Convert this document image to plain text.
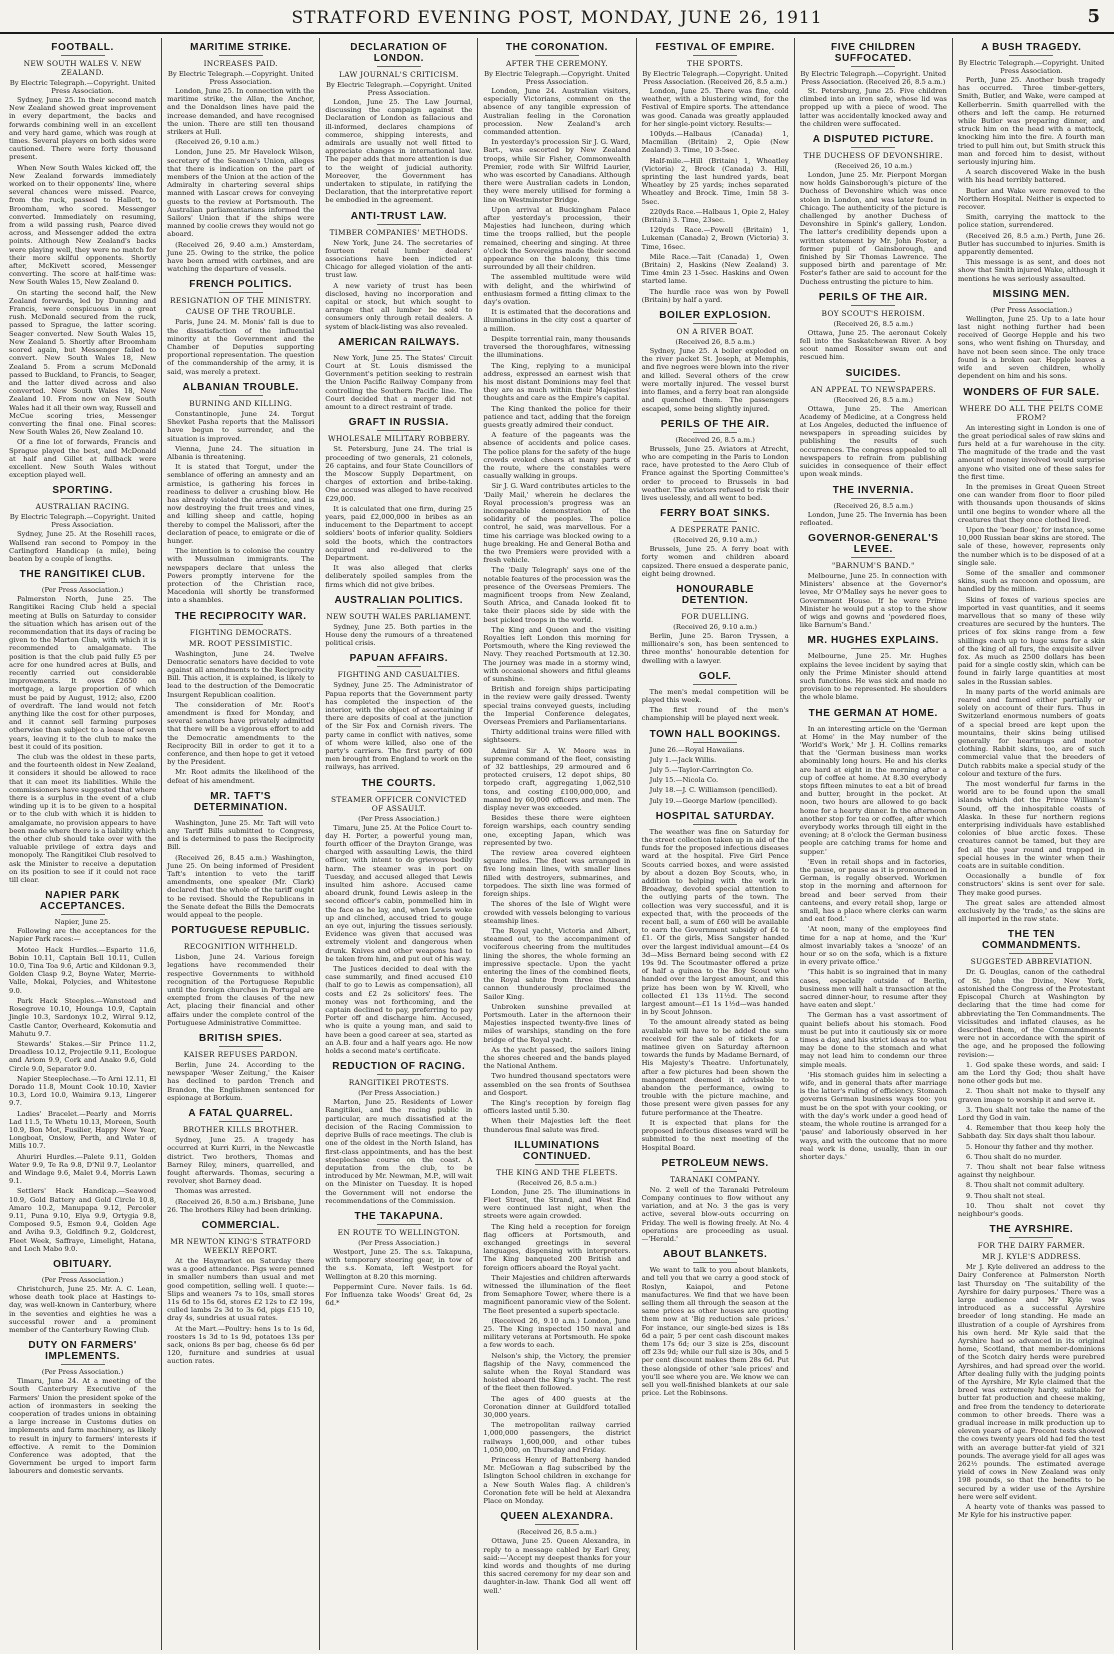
STRATFORD EVENING POST, MONDAY, JUNE 26, 1911	5
FOOTBALL.
NEW SOUTH WALES V. NEW ZEALAND.
By Electric Telegraph.—Copyright. United Press Association.

Sydney, June 25. In their second match New Zealand showed great improvement in every department, the backs and forwards combining well in an excellent and very hard game, which was rough at times. Several players on both sides were cautioned. There were forty thousand present.

When New South Wales kicked off, the New Zealand forwards immediately worked on to their opponents' line, where several chances were missed. Pearce, from the ruck, passed to Hallett, to Broomham, who scored. Messenger converted. Immediately on resuming, from a wild passing rush, Pearce dived across, and Messenger added the extra points. Although New Zealand's backs were playing well, they were no match for their more skilful opponents. Shortly after, McKivett scored, Messenger converting. The score at half-time was: New South Wales 15, New Zealand 0.

On starting the second half, the New Zealand forwards, led by Dunning and Francis, were conspicuous in a great rush. McDonald secured from the ruck, passed to Sprague, the latter scoring. Seager converted. New South Wales 15, New Zealand 5. Shortly after Broomham scored again, but Messenger failed to convert. New South Wales 18, New Zealand 5. From a scrum McDonald passed to Buckland, to Francis, to Seager, and the latter dived across and also converted. New South Wales 18, New Zealand 10. From now on New South Wales had it all their own way, Russell and McCue scoring tries, Messenger converting the final one. Final scores: New South Wales 26, New Zealand 10.

Of a fine lot of forwards, Francis and Sprague played the best, and McDonald at half and Gillet at fullback were excellent. New South Wales without exception played well.

SPORTING.
AUSTRALIAN RACING.
By Electric Telegraph.—Copyright. United Press Association.

Sydney, June 25. At the Rosehill races, Wallsend ran second to Pompoy in the Carlingford Handicap (a mile), being beaten by a couple of lengths.

THE RANGITIKEI CLUB.
(Per Press Association.)

Palmerston North, June 25. The Rangitikei Racing Club held a special meeting at Bulls on Saturday to consider the situation which has arisen out of the recommendation that its days of racing be given to the Marton Club, with which it is recommended to amalgamate. The position is that the club paid fully £5 per acre for one hundred acres at Bulls, and recently carried out considerable improvements. It owes £2650 on mortgage, a large proportion of which must be paid by August, 1912; also, £200 of overdraft. The land would not fetch anything like the cost for other purposes, and it cannot sell farming purposes otherwise than subject to a lease of seven years, leaving it to the club to make the best it could of its position.

The club was the oldest in these parts, and the fourteenth oldest in New Zealand, it considers it should be allowed to race that it can meet its liabilities. While the commissioners have suggested that where there is a surplus in the event of a club winding up it is to be given to a hospital or to the club with which it is hidden to amalgamate, no provision appears to have been made where there is a liability which the other club should take over with the valuable privilege of extra days and monopoly. The Rangitikei Club resolved to ask the Minister to receive a deputation on its position to see if it could not race till clear.

NAPIER PARK ACCEPTANCES.
Napier, June 25.

Following are the acceptances for the Napier Park races:—

Moteo Hack Hurdles.—Esparto 11.6, Bobin 10.11, Captain Bell 10.11, Cullen 10.0, Tina Toa 9.6, Artic and Kildonan 9.3, Golden Clasp 9.2, Boyne Water, Merrie-Valle, Mokai, Polycies, and Whitestone 9.0.

Park Hack Steeples.—Wanstead and Rosegrove 10.10, Hounga 10.9, Captain Jingle 10.3, Sardonyx 10.2, Wirral 9.12, Castle Cantor, Overheard, Kokomutia and Mahutu 9.7.

Stewards' Stakes.—Sir Prince 11.2, Dreadless 10.12, Projectile 9.11, Ecologue and Ariom 9.9, Cork and Anako 9.6, Gold Circle 9.0, Separator 9.0.

Napier Steeplechase.—To Arni 12.11, El Dorado 11.8, Mount Cook 10.10, Xavier 10.3, Lord 10.0, Waimira 9.13, Lingerer 9.7.

Ladies' Bracelet.—Pearly and Morris Lad 11.5, Te Whetu 10.13, Moreen, South 10.9, Bon Mot, Fusilier, Happy New Year, Longboat, Onslow, Perth, and Water of Mills 10.7.

Ahuriri Hurdles.—Palete 9.11, Golden Water 9.9, Te Ra 9.8, D'Nil 9.7, Leolantor and Windage 9.6, Malet 9.4, Morris Lawn 9.1.

Settlers' Hack Handicap.—Seawood 10.9, Gold Battery and Gold Circle 10.8, Amaro 10.2, Manupapa 9.12, Percoler 9.11, Puna 9.10, Elya 9.9, Ortygia 9.8, Composed 9.5, Esmon 9.4, Golden Age and Aviha 9.3, Goldfinch 9.2, Goldcrest, Fleet Week, Saffraye, Limelight, Hatana, and Loch Mabo 9.0.

OBITUARY.
(Per Press Association.)

Christchurch, June 25. Mr. A. C. Lean, whose death took place at Hastings to-day, was well-known in Canterbury, where in the seventies and eighties he was a successful rower and a prominent member of the Canterbury Rowing Club.

DUTY ON FARMERS' IMPLEMENTS.
(Per Press Association.)

Timaru, June 24. At a meeting of the South Canterbury Executive of the Farmers' Union the president spoke of the action of ironmasters in seeking the cooperation of trades unions in obtaining a large increase in Customs duties on implements and farm machinery, as likely to result in injury to farmers' interests if effective. A remit to the Dominion Conference was adopted, that the Government be urged to import farm labourers and domestic servants.

MARITIME STRIKE.
INCREASES PAID.
By Electric Telegraph.—Copyright. United Press Association.

London, June 25. In connection with the maritime strike, the Allan, the Anchor, and the Donaldson lines have paid the increase demanded, and have recognised the union. There are still ten thousand strikers at Hull.

(Received 26, 9.10 a.m.)

London, June 25. Mr Havelock Wilson, secretary of the Seamen's Union, alleges that there is indication on the part of members of the Union at the action of the Admiralty in chartering several ships manned with Lascar crews for conveying guests to the review at Portsmouth. The Australian parliamentarians informed the Sailors' Union that if the ships were manned by coolie crews they would not go aboard.

(Received 26, 9.40 a.m.) Amsterdam, June 25. Owing to the strike, the police have been armed with carbines, and are watching the departure of vessels.

FRENCH POLITICS.
RESIGNATION OF THE MINISTRY.
CAUSE OF THE TROUBLE.

Paris, June 24. M. Monis' fall is due to the dissatisfaction of the influential minority at the Government and the Chamber of Deputies supporting proportional representation. The question of the commandership of the army, it is said, was merely a pretext.

ALBANIAN TROUBLE.
BURNING AND KILLING.

Constantinople, June 24. Torgut Shevket Pasha reports that the Malissori have begun to surrender, and the situation is improved.

Vienna, June 24. The situation in Albania is threatening.

It is stated that Torgut, under the semblance of offering an amnesty and an armistice, is gathering his forces in readiness to deliver a crushing blow. He has already violated the armistice, and is now destroying the fruit trees and vines, and killing sheep and cattle, hoping thereby to compel the Malissori, after the declaration of peace, to emigrate or die of hunger.

The intention is to colonise the country with Mussulman immigrants. The newspapers declare that unless the Powers promptly intervene for the protection of the Christian race, Macedonia will shortly be transformed into a shambles.

THE RECIPROCITY WAR.
FIGHTING DEMOCRATS.
MR. ROOT PESSIMISTIC.

Washington, June 24. Twelve Democratic senators have decided to vote against all amendments to the Reciprocity Bill. This action, it is explained, is likely to lead to the destruction of the Democratic Insurgent Republican coalition.

The consideration of Mr. Root's amendment is fixed for Monday, and several senators have privately admitted that there will be a vigorous effort to add the Democratic amendments to the Reciprocity Bill in order to get it to a conference, and then hope to get it vetoed by the President.

Mr. Root admits the likelihood of the defeat of his amendment.

MR. TAFT'S DETERMINATION.

Washington, June 25. Mr. Taft will veto any Tariff Bills submitted to Congress, and is determined to pass the Reciprocity Bill.

(Received 26, 8.45 a.m.) Washington, June 25. On being informed of President Taft's intention to veto the tariff amendments, one speaker (Mr. Clark) declared that the whole of the tariff ought to be revised. Should the Republicans in the Senate defeat the Bills the Democrats would appeal to the people.

PORTUGUESE REPUBLIC.
RECOGNITION WITHHELD.

Lisbon, June 24. Various foreign legations have recommended their respective Governments to withhold recognition of the Portuguese Republic until the foreign churches in Portugal are exempted from the clauses of the new Act, placing their financial and other affairs under the complete control of the Portuguese Administrative Committee.

BRITISH SPIES.
KAISER REFUSES PARDON.

Berlin, June 24. According to the newspaper 'Weser Zeitung,' the Kaiser has declined to pardon Trench and Brandon, the Englishmen sentenced for espionage at Borkum.

A FATAL QUARREL.
BROTHER KILLS BROTHER.

Sydney, June 25. A tragedy has occurred at Kurri Kurri, in the Newcastle district. Two brothers, Thomas and Barney Riley, miners, quarrelled, and fought afterwards. Thomas, securing a revolver, shot Barney dead.

Thomas was arrested.

(Received 26, 8.50 a.m.) Brisbane, June 26. The brothers Riley had been drinking.

COMMERCIAL.
MR NEWTON KING'S STRATFORD WEEKLY REPORT.

At the Haymarket on Saturday there was a good attendance. Pigs were penned in smaller numbers than usual and met good competition, selling well. I quote:—Slips and weaners 7s to 10s, small stores 11s 6d to 15s 6d, stores £2 12s to £2 19s, culled lambs 2s 3d to 3s 6d, pigs £15 10, dray 4s, sundries at usual rates.

At the Mart.—Poultry: hens 1s to 1s 6d, roosters 1s 3d to 1s 9d, potatoes 13s per sack, onions 8s per bag, cheese 6s 6d per 120, furniture and sundries at usual auction rates.

DECLARATION OF LONDON.
LAW JOURNAL'S CRITICISM.
By Electric Telegraph.—Copyright. United Press Association.

London, June 25. The Law Journal, discussing the campaign against the Declaration of London as fallacious and ill-informed, declares champions of commerce, shipping interests, and admirals are usually not well fitted to appreciate changes in international law. The paper adds that more attention is due to the weight of judicial authority. Moreover, the Government has undertaken to stipulate, in ratifying the Declaration, that the interpretative report be embodied in the agreement.

ANTI-TRUST LAW.
TIMBER COMPANIES' METHODS.

New York, June 24. The secretaries of fourteen retail lumber dealers' associations have been indicted at Chicago for alleged violation of the anti-trust law.

A new variety of trust has been disclosed, having no incorporation and capital or stock, but which sought to arrange that all lumber be sold to consumers only through retail dealers. A system of black-listing was also revealed.

AMERICAN RAILWAYS.

New York, June 25. The States' Circuit Court at St. Louis dismissed the Government's petition seeking to restrain the Union Pacific Railway Company from controlling the Southern Pacific line. The Court decided that a merger did not amount to a direct restraint of trade.

GRAFT IN RUSSIA.
WHOLESALE MILITARY ROBBERY.

St. Petersburg, June 24. The trial is proceeding of two generals, 21 colonels, 26 captains, and four State Councillors of the Moscow Supply Department, on charges of extortion and bribe-taking. One accused was alleged to have received £29,000.

It is calculated that one firm, during 25 years, paid £2,000,000 in bribes as an inducement to the Department to accept soldiers' boots of inferior quality. Soldiers sold the boots, which the contractors acquired and re-delivered to the Department.

It was also alleged that clerks deliberately spoiled samples from the firms which did not give bribes.

AUSTRALIAN POLITICS.
NEW SOUTH WALES PARLIAMENT.

Sydney, June 25. Both parties in the House deny the rumours of a threatened political crisis.

PAPUAN AFFAIRS.
FIGHTING AND CASUALTIES.

Sydney, June 25. The Administrator of Papua reports that the Government party has completed the inspection of the interior, with the object of ascertaining if there are deposits of coal at the junction of the Sir Fox and Cornish rivers. The party came in conflict with natives, some of whom were killed, also one of the party's carriers. The first party of 600 men brought from England to work on the railways, has arrived.

THE COURTS.
STEAMER OFFICER CONVICTED OF ASSAULT.
(Per Press Association.)

Timaru, June 25. At the Police Court to-day H. Porter, a powerful young man, fourth officer of the Drayton Grange, was charged with assaulting Lewis, the third officer, with intent to do grievous bodily harm. The steamer was in port on Tuesday, and accused alleged that Lewis insulted him ashore. Accused came aboard drunk, found Lewis asleep in the second officer's cabin, pommelled him in the face as he lay, and, when Lewis woke up and clinched, accused tried to gouge an eye out, injuring the tissues seriously. Evidence was given that accused was extremely violent and dangerous when drunk. Knives and other weapons had to be taken from him, and put out of his way.

The Justices decided to deal with the case summarily, and fined accused £10 (half to go to Lewis as compensation), all costs and £2 2s solicitors' fees. The money was not forthcoming, and the captain declined to pay, preferring to pay Porter off and discharge him. Accused, who is quite a young man, and said to have been a good career at sea, started as an A.B. four and a half years ago. He now holds a second mate's certificate.

REDUCTION OF RACING.
RANGITIKEI PROTESTS.
(Per Press Association.)

Marton, June 25. Residents of Lower Rangitikei, and the racing public in particular, are much dissatisfied at the decision of the Racing Commission to deprive Bulls of race meetings. The club is one of the oldest in the North Island, has first-class appointments, and has the best steeplechase course on the coast. A deputation from the club, to be introduced by Mr. Newman, M.P., will wait on the Minister on Tuesday. It is hoped the Government will not endorse the recommendations of the Commission.

THE TAKAPUNA.
EN ROUTE TO WELLINGTON.
(Per Press Association.)

Westport, June 25. The s.s. Takapuna, with temporary steering gear, in tow of the s.s. Komata, left Westport for Wellington at 8.20 this morning.

Peppermint Cure. Never fails. 1s 6d. For Influenza take Woods' Great 6d, 2s 6d.*

THE CORONATION.
AFTER THE CEREMONY.
By Electric Telegraph.—Copyright. United Press Association.

London, June 24. Australian visitors, especially Victorians, comment on the absence of any tangible expression of Australian feeling in the Coronation procession. New Zealand's arch commanded attention.

In yesterday's procession Sir J. G. Ward, Bart., was escorted by New Zealand troops, while Sir Fisher, Commonwealth Premier, rode with Sir Wilfrid Laurier, who was escorted by Canadians. Although there were Australian cadets in London, they were merely utilised for forming a line on Westminster Bridge.

Upon arrival at Buckingham Palace after yesterday's procession, their Majesties had luncheon, during which time the troops rallied, but the people remained, cheering and singing. At three o'clock the Sovereigns made their second appearance on the balcony, this time surrounded by all their children.

The assembled multitude were wild with delight, and the whirlwind of enthusiasm formed a fitting climax to the day's ovation.

It is estimated that the decorations and illuminations in the city cost a quarter of a million.

Despite torrential rain, many thousands traversed the thoroughfares, witnessing the illuminations.

The King, replying to a municipal address, expressed an earnest wish that his most distant Dominions may feel that they are as much within their Majesties' thoughts and care as the Empire's capital.

The King thanked the police for their patience and tact, adding that the foreign guests greatly admired their conduct.

A feature of the pageants was the absence of accidents and police cases. The police plans for the safety of the huge crowds evoked cheers at many parts of the route, where the constables were casually walking in groups.

Sir J. G. Ward contributes articles to the 'Daily Mail,' wherein he declares the Royal procession's progress was an incomparable demonstration of the solidarity of the peoples. The police control, he said, was marvellous. For a time his carriage was blocked owing to a huge breaking. He and General Botha and the two Premiers were provided with a fresh vehicle.

The 'Daily Telegraph' says one of the notable features of the procession was the presence of the Overseas Premiers. The magnificent troops from New Zealand, South Africa, and Canada looked fit to take their places side by side with the best picked troops in the world.

The King and Queen and the visiting Royalties left London this morning for Portsmouth, where the King reviewed the Navy. They reached Portsmouth at 12.30. The journey was made in a stormy wind, with occasional showers and fitful gleams of sunshine.

British and foreign ships participating in the review were gaily dressed. Twenty special trains conveyed guests, including the Imperial Conference delegates, Overseas Premiers and Parliamentarians.

Thirty additional trains were filled with sightseers.

Admiral Sir A. W. Moore was in supreme command of the fleet, consisting of 32 battleships, 29 armoured and 6 protected cruisers, 12 depot ships, 80 torpedo craft, aggregating 1,062,510 tons, and costing £100,000,000, and manned by 60,000 officers and men. The display never was exceeded.

Besides these there were eighteen foreign warships, each country sending one, excepting Japan, which was represented by two.

The review area covered eighteen square miles. The fleet was arranged in five long main lines, with smaller lines filled with destroyers, submarines, and torpedoes. The sixth line was formed of foreign ships.

The shores of the Isle of Wight were crowded with vessels belonging to various steamship lines.

The Royal yacht, Victoria and Albert, steamed out, to the accompaniment of vociferous cheering from the multitudes lining the shores, the whole forming an impressive spectacle. Upon the yacht entering the lines of the combined fleets, the Royal salute from three thousand cannon thunderously proclaimed the Sailor King.

Unbroken sunshine prevailed at Portsmouth. Later in the afternoon their Majesties inspected twenty-five lines of miles of warships, standing on the fore bridge of the Royal yacht.

As the yacht passed, the sailors lining the shores cheered and the bands played the National Anthem.

Two hundred thousand spectators were assembled on the sea fronts of Southsea and Gosport.

The King's reception by foreign flag officers lasted until 5.30.

When their Majesties left the fleet thunderous final salute was fired.

ILLUMINATIONS CONTINUED.
THE KING AND THE FLEETS.
(Received 26, 8.5 a.m.)

London, June 25. The illuminations in Fleet Street, the Strand, and West End were continued last night, when the streets were again crowded.

The King held a reception for foreign flag officers at Portsmouth, and exchanged greetings in several languages, dispensing with interpreters. The King banqueted 200 British and foreign officers aboard the Royal yacht.

Their Majesties and children afterwards witnessed the illumination of the fleet from Semaphore Tower, where there is a magnificent panoramic view of the Solent. The fleet presented a superb spectacle.

(Received 26, 9.10 a.m.) London, June 25. The King inspected 150 naval and military veterans at Portsmouth. He spoke a few words to each.

Nelson's ship, the Victory, the premier flagship of the Navy, commenced the salute when the Royal Standard was hoisted aboard the King's yacht. The rest of the fleet then followed.

The ages of 400 guests at the Coronation dinner at Guildford totalled 30,000 years.

The metropolitan railway carried 1,000,000 passengers, the district railways 1,600,000, and other tubes 1,050,000, on Thursday and Friday.

Princess Henry of Battenberg handed Mr. McGowan a flag subscribed by the Islington School children in exchange for a New South Wales flag. A children's Coronation fete will be held at Alexandra Place on Monday.

QUEEN ALEXANDRA.
(Received 26, 8.5 a.m.)

Ottawa, June 25. Queen Alexandra, in reply to a message cabled by Earl Grey, said:—'Accept my deepest thanks for your kind words and thoughts of me during this sacred ceremony for my dear son and daughter-in-law. Thank God all went off well.'

FESTIVAL OF EMPIRE.
THE SPORTS.
By Electric Telegraph.—Copyright. United Press Association. (Received 26, 8.5 a.m.)

London, June 25. There was fine, cold weather, with a blustering wind, for the Festival of Empire sports. The attendance was good. Canada was greatly applauded for her single-point victory. Results:—

100yds.—Halbaus (Canada) 1, Macmillan (Britain) 2, Opie (New Zealand) 3. Time, 10 3-5sec.

Half-mile.—Hill (Britain) 1, Wheatley (Victoria) 2, Brock (Canada) 3. Hill, sprinting the last hundred yards, beat Wheatley by 25 yards; inches separated Wheatley and Brock. Time, 1min 58 3-5sec.

220yds Race.—Halbaus 1, Opie 2, Haley (Britain) 3. Time, 23sec.

120yds Race.—Powell (Britain) 1, Lukeman (Canada) 2, Brown (Victoria) 3. Time, 16sec.

Mile Race.—Tait (Canada) 1, Owen (Britain) 2, Haskins (New Zealand) 3. Time 4min 23 1-5sec. Haskins and Owen started lame.

The hurdle race was won by Powell (Britain) by half a yard.

BOILER EXPLOSION.
ON A RIVER BOAT.
(Received 26, 8.5 a.m.)

Sydney, June 25. A boiler exploded on the river packet St. Joseph, at Memphis, and five negroes were blown into the river and killed. Several others of the crew were mortally injured. The vessel burst into flames, and a ferry boat ran alongside and quenched them. The passengers escaped, some being slightly injured.

PERILS OF THE AIR.
(Received 26, 8.5 a.m.)

Brussels, June 25. Aviators at Atrecht, who are competing in the Paris to London race, have protested to the Aero Club of France against the Sporting Committee's order to proceed to Brussels in bad weather. The aviators refused to risk their lives uselessly, and all went to bed.

FERRY BOAT SINKS.
A DESPERATE PANIC.
(Received 26, 9.10 a.m.)

Brussels, June 25. A ferry boat with forty women and children aboard capsized. There ensued a desperate panic, eight being drowned.

HONOURABLE DETENTION.
FOR DUELLING.
(Received 26, 9.10 a.m.)

Berlin, June 25. Baron Tryssen, a millionaire's son, has been sentenced to three months' honourable detention for dwelling with a lawyer.

GOLF.

The men's medal competition will be played this week.

The first round of the men's championship will be played next week.

TOWN HALL BOOKINGS.

June 26.—Royal Hawaiians.

July 1.—Jack Willis.

July 5.—Taylor-Carrington Co.

July 15.—Nicola Co.

July 18.—J. C. Williamson (pencilled).

July 19.—George Marlow (pencilled).

HOSPITAL SATURDAY.

The weather was fine on Saturday for the street collection taken up in aid of the funds for the proposed infectious diseases ward at the hospital. Five Girl Pence Scouts carried boxes, and were assisted by about a dozen Boy Scouts, who, in addition to helping with the work in Broadway, devoted special attention to the outlying parts of the town. The collection was very successful, and it is expected that, with the proceeds of the recent ball, a sum of £60 will be available to earn the Government subsidy of £4 to £1. Of the girls, Miss Sangster handed over the largest individual amount—£4 0s 3d—Miss Bernard being second with £2 19s 9d. The Scoutmaster offered a prize of half a guinea to the Boy Scout who handed over the largest amount, and this prize has been won by W. Kivell, who collected £1 13s 11½d. The second largest amount—£1 1s 1½d—was handed in by Scout Johnson.

To the amount already stated as being available will have to be added the sum received for the sale of tickets for a matinee given on Saturday afternoon towards the funds by Madame Bernard, of His Majesty's Theatre. Unfortunately, after a few pictures had been shown the management deemed it advisable to abandon the performance, owing to trouble with the picture machine, and those present were given passes for any future performance at the Theatre.

It is expected that plans for the proposed infectious diseases ward will be submitted to the next meeting of the Hospital Board.

PETROLEUM NEWS.
TARANAKI COMPANY.

No. 2 well of the Taranaki Petroleum Company continues to flow without any variation, and at No. 3 the gas is very active, several blow-outs occurring on Friday. The well is flowing freely. At No. 4 operations are proceeding as usual.—'Herald.'

ABOUT BLANKETS.

We want to talk to you about blankets, and tell you that we carry a good stock of Roslyn, Kaiapoi, and Petone manufactures. We find that we have been selling them all through the season at the same prices as other houses are quoting them now at 'Big reduction sale prices.' For instance, our single-bed sizes is 18s 6d a pair, 5 per cent cash discount makes them 17s 6d; our 3 size is 25s, discount off 23s 9d; while our full size is 30s, and 5 per cent discount makes them 28s 6d. Put these alongside of other 'sale prices' and you'll see where you are. We know we can sell you well-finished blankets at our sale price. Let the Robinsons.

FIVE CHILDREN SUFFOCATED.
By Electric Telegraph.—Copyright. United Press Association. (Received 26, 8.5 a.m.)

St. Petersburg, June 25. Five children climbed into an iron safe, whose lid was propped up with a piece of wood. The latter was accidentally knocked away and the children were suffocated.

A DISPUTED PICTURE.
THE DUCHESS OF DEVONSHIRE.
(Received 26, 10 a.m.)

London, June 25. Mr. Pierpont Morgan now holds Gainsborough's picture of the Duchess of Devonshire which was once stolen in London, and was later found in Chicago. The authenticity of the picture is challenged by another Duchess of Devonshire in Spink's gallery, London. The latter's credibility depends upon a written statement by Mr. John Foster, a former pupil of Gainsborough, and finished by Sir Thomas Lawrence. The supposed birth and parentage of Mr. Foster's father are said to account for the Duchess entrusting the picture to him.

PERILS OF THE AIR.
BOY SCOUT'S HEROISM.
(Received 26, 8.5 a.m.)

Ottawa, June 25. The aeronaut Cokely fell into the Saskatchewan River. A boy scout named Rossiter swam out and rescued him.

SUICIDES.
AN APPEAL TO NEWSPAPERS.
(Received 26, 8.5 a.m.)

Ottawa, June 25. The American Academy of Medicine, at a Congress held at Los Angeles, deducted the influence of newspapers in spreading suicides by publishing the results of such occurrences. The congress appealed to all newspapers to refrain from publishing suicides in consequence of their effect upon weak minds.

THE INVERNIA.
(Received 26, 8.5 a.m.)

London, June 25. The Invernia has been refloated.

GOVERNOR-GENERAL'S LEVEE.
"BARNUM'S BAND."

Melbourne, June 25. In connection with Ministers' absence at the Governor's levee, Mr O'Malley says he never goes to Government House. If he were Prime Minister he would put a stop to the show of wigs and gowns and 'powdered floes, like Barnum's Band.'

MR. HUGHES EXPLAINS.

Melbourne, June 25. Mr. Hughes explains the levee incident by saying that only the Prime Minister should attend such functions. He was sick and made no provision to be represented. He shoulders the whole blame.

THE GERMAN AT HOME.

In an interesting article on the 'German at Home' in the May number of the 'World's Work,' Mr J. H. Collins remarks that the 'German business man works abominably long hours. He and his clerks are hard at eight in the morning after a cup of coffee at home. At 8.30 everybody stops fifteen minutes to eat a bit of bread and butter, brought in the pocket. At noon, two hours are allowed to go back home for a hearty dinner. In the afternoon another stop for tea or coffee, after which everybody works through till eight in the evening; at 8 o'clock the German business people are catching trams for home and supper.'

'Even in retail shops and in factories, the pause, or pause as it is pronounced in German, is regally observed. Workmen stop in the morning and afternoon for bread and beer served from their canteens, and every retail shop, large or small, has a place where clerks can warm and eat food.'

'At noon, many of the employees find time for a nap at home, and the 'Kur' almost invariably takes a 'snooze' of an hour or so on the sofa, which is a fixture in every private office.'

'This habit is so ingrained that in many cases, especially outside of Berlin, business men will halt a transaction at the sacred dinner-hour, to resume after they have eaten and slept.'

The German has a vast assortment of quaint beliefs about his stomach. Food must be put into it cautiously six or more times a day, and his strict ideas as to what may be done to the stomach and what may not lead him to condemn our three simple meals.

'His stomach guides him in selecting a wife, and in general thats after marriage is the latter's ruling of efficiency. Stomach governs German business ways too: you must be on the spot with your cooking, or with the day's work under a good head of steam, the whole routine is arranged for a 'pause' and laboriously observed in her ways, and with the outcome that no more real work is done, usually, than in our shorter days.'

A BUSH TRAGEDY.
By Electric Telegraph.—Copyright. United Press Association.

Perth, June 25. Another bush tragedy has occurred. Three timber-getters, Smith, Butler, and Wake, were camped at Kellerberrin. Smith quarrelled with the others and left the camp. He returned while Butler was preparing dinner, and struck him on the head with a mattock, knocking him into the fire. A fourth man tried to pull him out, but Smith struck this man and forced him to desist, without seriously injuring him.

A search discovered Wake in the bush with his head terribly battered.

Butler and Wake were removed to the Northern Hospital. Neither is expected to recover.

Smith, carrying the mattock to the police station, surrendered.

(Received 26, 8.5 a.m.) Perth, June 26. Butler has succumbed to injuries. Smith is apparently demented.

This message is as sent, and does not show that Smith injured Wake, although it mentions he was seriously assaulted.

MISSING MEN.
(Per Press Association.)

Wellington, June 25. Up to a late hour last night nothing further had been received of George Hepple and his two sons, who went fishing on Thursday, and have not been seen since. The only trace found is a broken oar. Hepple leaves a wife and seven children, wholly dependent on him and his sons.

WONDERS OF FUR SALE.
WHERE DO ALL THE PELTS COME FROM?

An interesting sight in London is one of the great periodical sales of raw skins and furs held at a fur warehouse in the city. The magnitude of the trade and the vast amount of money involved would surprise anyone who visited one of these sales for the first time.

In the premises in Great Queen Street one can wander from floor to floor piled with thousands upon thousands of skins until one begins to wonder where all the creatures that they once clothed lived.

Upon the 'bear floor,' for instance, some 10,000 Russian bear skins are stored. The sale of these, however, represents only the number which is to be disposed of at a single sale.

Some of the smaller and commoner skins, such as raccoon and opossum, are handled by the million.

Skins of foxes of various species are imported in vast quantities, and it seems marvellous that so many of these wily creatures are secured by the hunters. The prices of fox skins range from a few shillings each up to huge sums for a skin of the king of all furs, the exquisite silver fox. As much as 2500 dollars has been paid for a single costly skin, which can be found in fairly large quantities at most sales in the Russian sables.

In many parts of the world animals are reared and farmed either partially or solely on account of their furs. Thus in Switzerland enormous numbers of goats of a special breed are kept upon the mountains, their skins being utilised generally for heartmugs and motor clothing. Rabbit skins, too, are of such commercial value that the breeders of Dutch rabbits make a special study of the colour and texture of the furs.

The most wonderful fur farms in the world are to be found upon the small islands which dot the Prince William's Sound, off the inhospitable coasts of Alaska. In these fur northern regions enterprising individuals have established colonies of blue arctic foxes. These creatures cannot be tamed, but they are fed all the year round and trapped in special houses in the winter when their coats are in suitable condition.

Occasionally a bundle of fox constructors' skins is sent over for sale. They make good purses.

The great sales are attended almost exclusively by the 'trade,' as the skins are all imported in the raw state.

THE TEN COMMANDMENTS.
SUGGESTED ABBREVIATION.

Dr. G. Douglas, canon of the cathedral of St. John the Divine, New York, astonished the Congress of the Protestant Episcopal Church at Washington by declaring that the time had come for abbreviating the Ten Commandments. The vicissitudes and inflated clauses, as he described them, of the Commandments were not in accordance with the spirit of the age, and he proposed the following revision:—

1. God spake these words, and said: I am the Lord thy God; thou shalt have none other gods but me.

2. Thou shalt not make to thyself any graven image to worship it and serve it.

3. Thou shalt not take the name of the Lord thy God in vain.

4. Remember that thou keep holy the Sabbath day. Six days shalt thou labour.

5. Honour thy father and thy mother.

6. Thou shalt do no murder.

7. Thou shalt not bear false witness against thy neighbour.

8. Thou shalt not commit adultery.

9. Thou shalt not steal.

10. Thou shalt not covet thy neighbour's goods.

THE AYRSHIRE.
FOR THE DAIRY FARMER.
MR J. KYLE'S ADDRESS.

Mr J. Kyle delivered an address to the Dairy Conference at Palmerston North last Thursday on 'The suitability of the Ayrshire for dairy purposes.' There was a large audience and Mr Kyle was introduced as a successful Ayrshire breeder of long standing. He made an illustration of a couple of Ayrshires from his own herd. Mr Kyle said that the Ayrshire had so advanced in its original home, Scotland, that member-dominions of the Scotch dairy herds were purebred Ayrshires, and had spread over the world. After dealing fully with the judging points of the Ayrshire, Mr Kyle claimed that the breed was extremely hardy, suitable for butter fat production and cheese making, and free from the tendency to deteriorate common to other breeds. There was a gradual increase in milk production up to eleven years of age. Precent tests showed the cows twenty years old had fed the test with an average butter-fat yield of 321 pounds. The average yield for all ages was 262½ pounds. The estimated average yield of cows in New Zealand was only 198 pounds, so that the benefits to be secured by a wider use of the Ayrshire here were self evident.

A hearty vote of thanks was passed to Mr Kyle for his instructive paper.
